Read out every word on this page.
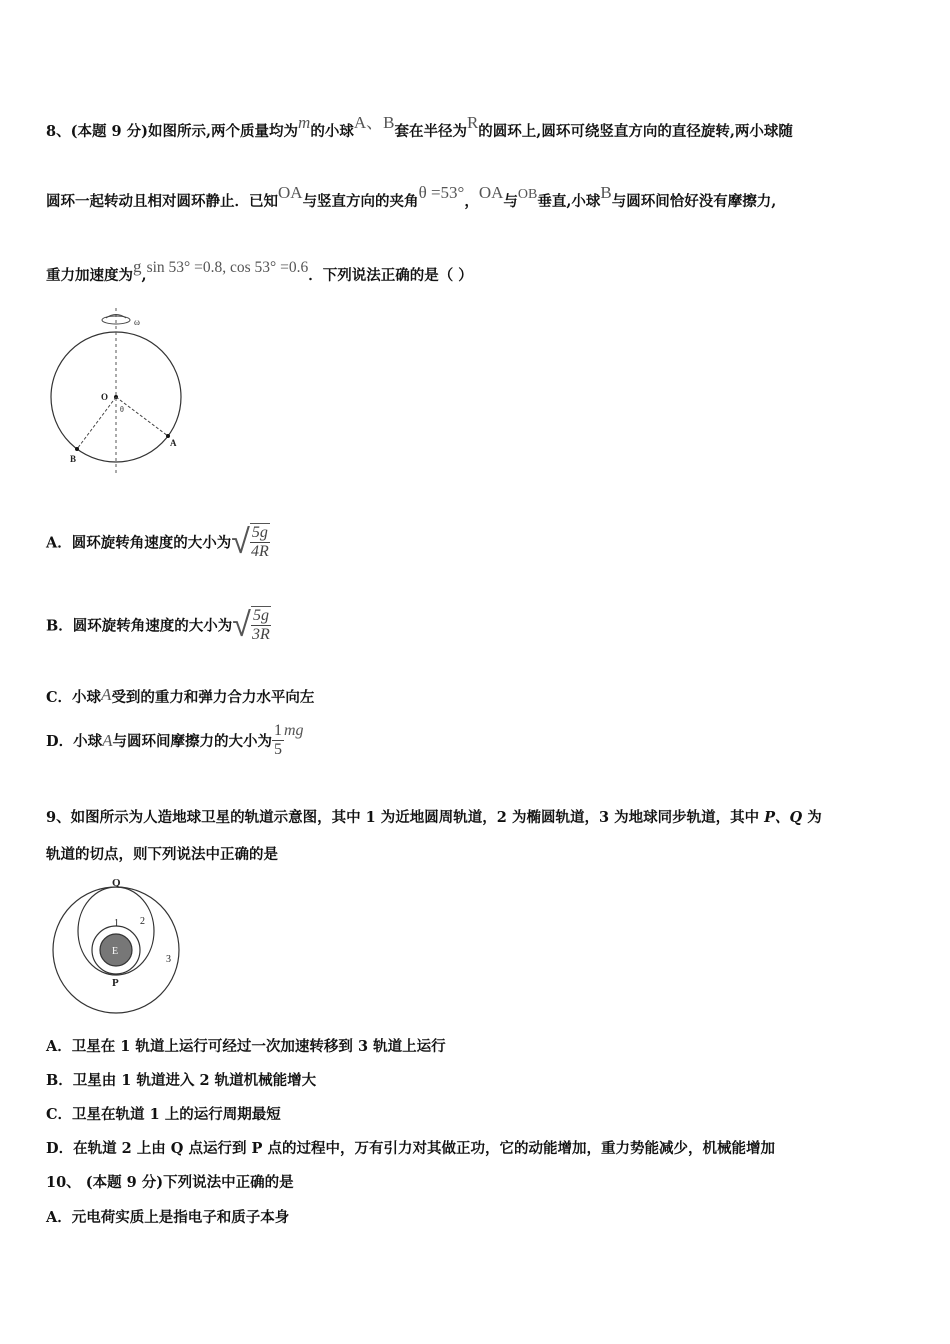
8、(本题 9 分)如图所示,两个质量均为m的小球A、B套在半径为R的圆环上,圆环可绕竖直方向的直径旋转,两小球随
圆环一起转动且相对圆环静止．已知OA与竖直方向的夹角θ =53°，OA与OB垂直,小球B与圆环间恰好没有摩擦力,
重力加速度为g,sin 53° =0.8, cos 53° =0.6．下列说法正确的是（ ）
ω
O
θ
A
B
A．圆环旋转角速度的大小为√ $\frac{5g}{4R}$
B．圆环旋转角速度的大小为√ $\frac{5g}{3R}$
C．小球A受到的重力和弹力合力水平向左
D．小球A与圆环间摩擦力的大小为 $\frac{1}{5}$ mg
9、如图所示为人造地球卫星的轨道示意图，其中 1 为近地圆周轨道，2 为椭圆轨道，3 为地球同步轨道，其中 P、Q 为
轨道的切点，则下列说法中正确的是
E
Q
P
1 2
3
A．卫星在 1 轨道上运行可经过一次加速转移到 3 轨道上运行
B．卫星由 1 轨道进入 2 轨道机械能增大
C．卫星在轨道 1 上的运行周期最短
D．在轨道 2 上由 Q 点运行到 P 点的过程中，万有引力对其做正功，它的动能增加，重力势能减少，机械能增加
10、 (本题 9 分)下列说法中正确的是
A．元电荷实质上是指电子和质子本身
